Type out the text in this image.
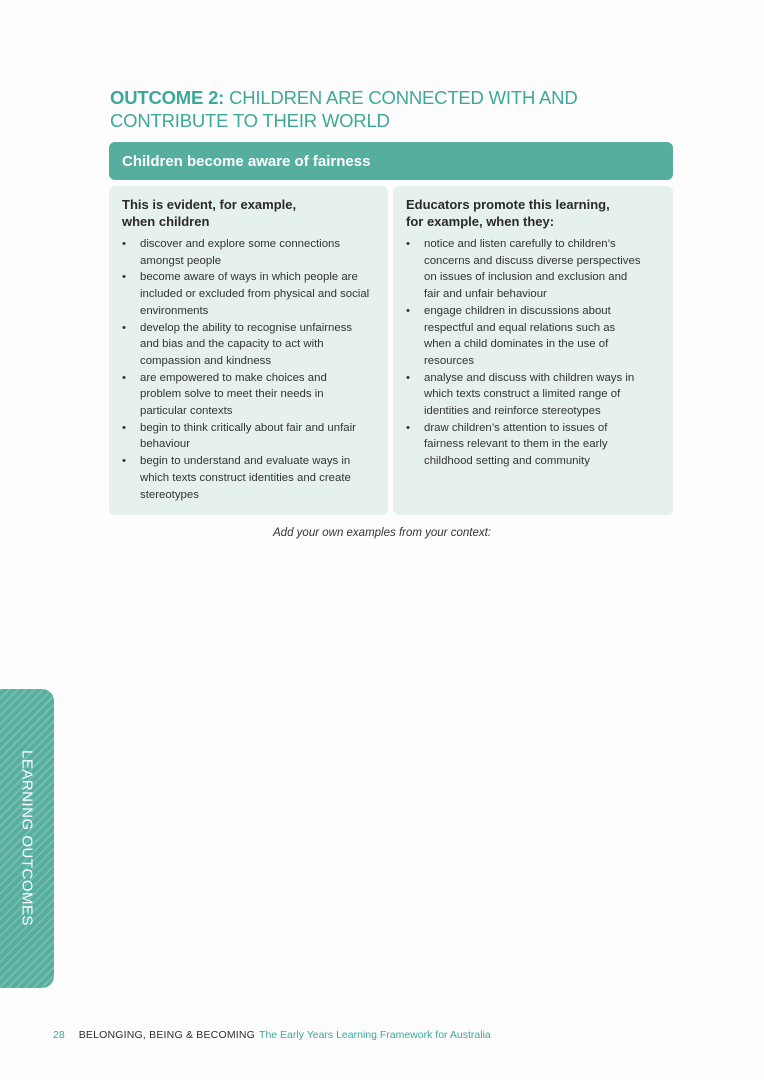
OUTCOME 2: CHILDREN ARE CONNECTED WITH AND
CONTRIBUTE TO THEIR WORLD
Children become aware of fairness
This is evident, for example,
when children
•	discover and explore some connections
amongst people
•	become aware of ways in which people are
included or excluded from physical and social
environments
•	develop the ability to recognise unfairness
and bias and the capacity to act with
compassion and kindness
•	are empowered to make choices and
problem solve to meet their needs in
particular contexts
•	begin to think critically about fair and unfair
behaviour
•	begin to understand and evaluate ways in
which texts construct identities and create
stereotypes
Educators promote this learning,
for example, when they:
•	notice and listen carefully to children’s
concerns and discuss diverse perspectives
on issues of inclusion and exclusion and
fair and unfair behaviour
•	engage children in discussions about
respectful and equal relations such as
when a child dominates in the use of
resources
•	analyse and discuss with children ways in
which texts construct a limited range of
identities and reinforce stereotypes
•	draw children’s attention to issues of
fairness relevant to them in the early
childhood setting and community
Add your own examples from your context:
LEARNING OUTCOMES
28 BELONGING, BEING & BECOMING The Early Years Learning Framework for Australia
